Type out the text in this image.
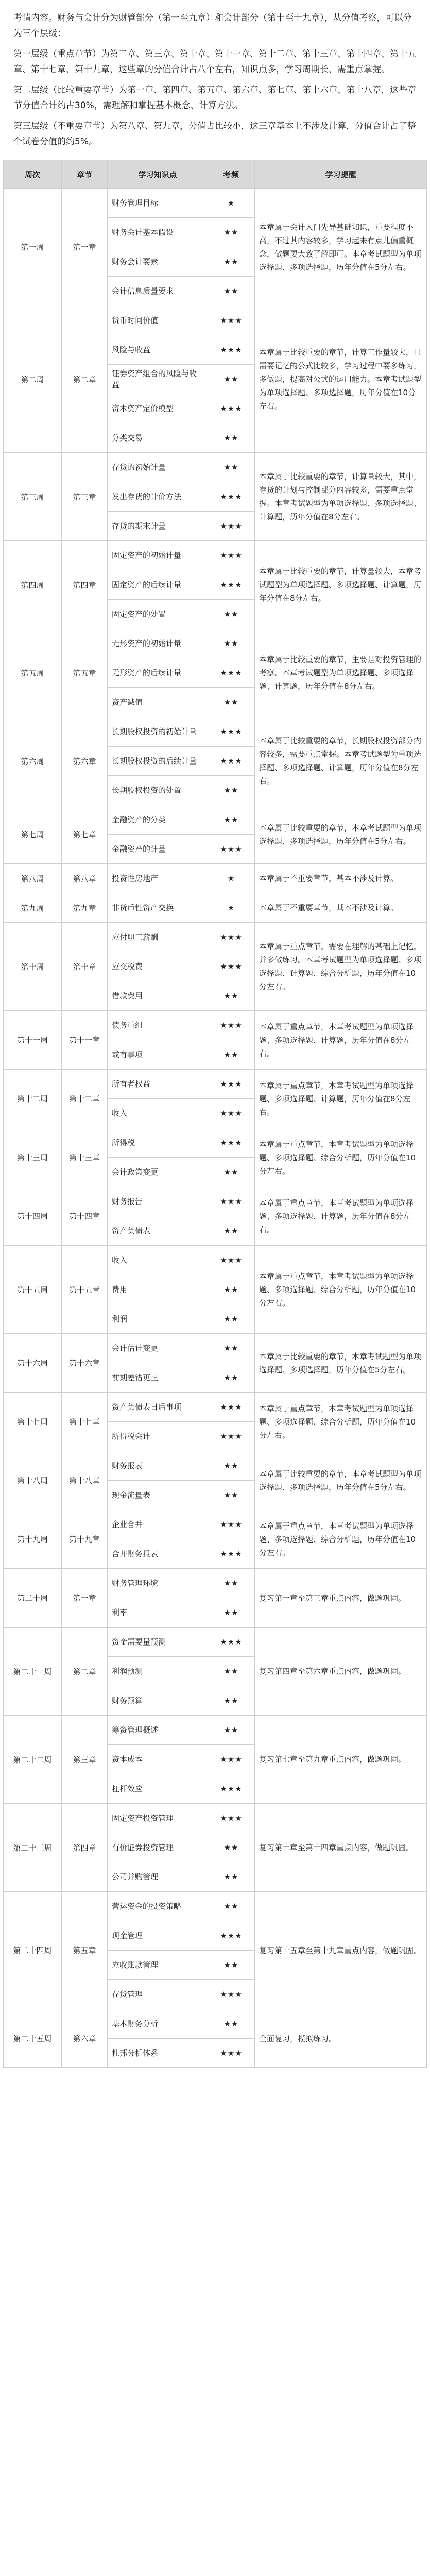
考情内容。财务与会计分为财管部分（第一至九章）和会计部分（第十至十九章），从分值考察，可以分为三个层级：

第一层级（重点章节）为第二章、第三章、第十章、第十一章、第十二章、第十三章、第十四章、第十五章、第十七章、第十九章，这些章的分值合计占八个左右，知识点多，学习周期长，需重点掌握。

第二层级（比较重要章节）为第一章、第四章、第五章、第六章、第七章、第十六章、第十八章，这些章节分值合计约占30%，需理解和掌握基本概念、计算方法。

第三层级（不重要章节）为第八章、第九章，分值占比较小，这三章基本上不涉及计算，分值合计占了整个试卷分值的约5%。

周次	章节	学习知识点	考频	学习提醒
第一周	第一章	财务管理目标	★	本章属于会计入门先导基础知识，重要程度不高，不过其内容较多，学习起来有点儿偏重概念，做题要大致了解即可。本章考试题型为单项选择题、多项选择题，历年分值在5分左右。
		财务会计基本假设	★★	
		财务会计要素	★★	
		会计信息质量要求	★★	
第二周	第二章	货币时间价值	★★★	本章属于比较重要的章节，计算工作量较大，且需要记忆的公式比较多，学习过程中要多练习，多做题，提高对公式的运用能力。本章考试题型为单项选择题、多项选择题，历年分值在10分左右。
		风险与收益	★★★	
		证券资产组合的风险与收益	★★	
		资本资产定价模型	★★★	
		分类交易	★★	
第三周	第三章	存货的初始计量	★★	本章属于比较重要的章节，计算量较大，其中，存货的计划与控制部分内容较多，需要重点掌握。本章考试题型为单项选择题、多项选择题、计算题，历年分值在8分左右。
		发出存货的计价方法	★★★	
		存货的期末计量	★★★	
第四周	第四章	固定资产的初始计量	★★★	本章属于比较重要的章节，计算量较大，本章考试题型为单项选择题、多项选择题、计算题，历年分值在8分左右。
		固定资产的后续计量	★★★	
		固定资产的处置	★★	
第五周	第五章	无形资产的初始计量	★★	本章属于比较重要的章节，主要是对投资管理的考察。本章考试题型为单项选择题、多项选择题、计算题，历年分值在8分左右。
		无形资产的后续计量	★★★	
		资产减值	★★	
第六周	第六章	长期股权投资的初始计量	★★★	本章属于比较重要的章节，长期股权投资部分内容较多，需要重点掌握。本章考试题型为单项选择题、多项选择题、计算题，历年分值在8分左右。
		长期股权投资的后续计量	★★★	
		长期股权投资的处置	★★	
第七周	第七章	金融资产的分类	★★	本章属于比较重要的章节，本章考试题型为单项选择题、多项选择题，历年分值在5分左右。
		金融资产的计量	★★★	
第八周	第八章	投资性房地产	★	本章属于不重要章节，基本不涉及计算。
第九周	第九章	非货币性资产交换	★	本章属于不重要章节，基本不涉及计算。
第十周	第十章	应付职工薪酬	★★★	本章属于重点章节，需要在理解的基础上记忆，并多做练习。本章考试题型为单项选择题、多项选择题、计算题、综合分析题，历年分值在10分左右。
		应交税费	★★★	
		借款费用	★★	
第十一周	第十一章	债务重组	★★★	本章属于重点章节，本章考试题型为单项选择题、多项选择题、计算题，历年分值在8分左右。
		或有事项	★★	
第十二周	第十二章	所有者权益	★★★	本章属于重点章节，本章考试题型为单项选择题、多项选择题、计算题，历年分值在8分左右。
		收入	★★★	
第十三周	第十三章	所得税	★★★	本章属于重点章节，本章考试题型为单项选择题、多项选择题、综合分析题，历年分值在10分左右。
		会计政策变更	★★	
第十四周	第十四章	财务报告	★★★	本章属于重点章节，本章考试题型为单项选择题、多项选择题、计算题，历年分值在8分左右。
		资产负债表	★★	
第十五周	第十五章	收入	★★★	本章属于重点章节，本章考试题型为单项选择题、多项选择题、综合分析题，历年分值在10分左右。
		费用	★★	
		利润	★★	
第十六周	第十六章	会计估计变更	★★	本章属于比较重要的章节，本章考试题型为单项选择题、多项选择题，历年分值在5分左右。
		前期差错更正	★★	
第十七周	第十七章	资产负债表日后事项	★★★	本章属于重点章节，本章考试题型为单项选择题、多项选择题、综合分析题，历年分值在10分左右。
		所得税会计	★★★	
第十八周	第十八章	财务报表	★★	本章属于比较重要的章节，本章考试题型为单项选择题、多项选择题，历年分值在5分左右。
		现金流量表	★★	
第十九周	第十九章	企业合并	★★★	本章属于重点章节，本章考试题型为单项选择题、多项选择题、综合分析题，历年分值在10分左右。
		合并财务报表	★★★	
第二十周	第一章	财务管理环境	★★	复习第一章至第三章重点内容，做题巩固。
		利率	★★	
第二十一周	第二章	资金需要量预测	★★★	复习第四章至第六章重点内容，做题巩固。
		利润预测	★★	
		财务预算	★★	
第二十二周	第三章	筹资管理概述	★★	复习第七章至第九章重点内容，做题巩固。
		资本成本	★★★	
		杠杆效应	★★★	
第二十三周	第四章	固定资产投资管理	★★★	复习第十章至第十四章重点内容，做题巩固。
		有价证券投资管理	★★	
		公司并购管理	★★	
第二十四周	第五章	营运资金的投资策略	★★	复习第十五章至第十九章重点内容，做题巩固。
		现金管理	★★★	
		应收账款管理	★★	
		存货管理	★★★	
第二十五周	第六章	基本财务分析	★★	全面复习，模拟练习。
		杜邦分析体系	★★★	
